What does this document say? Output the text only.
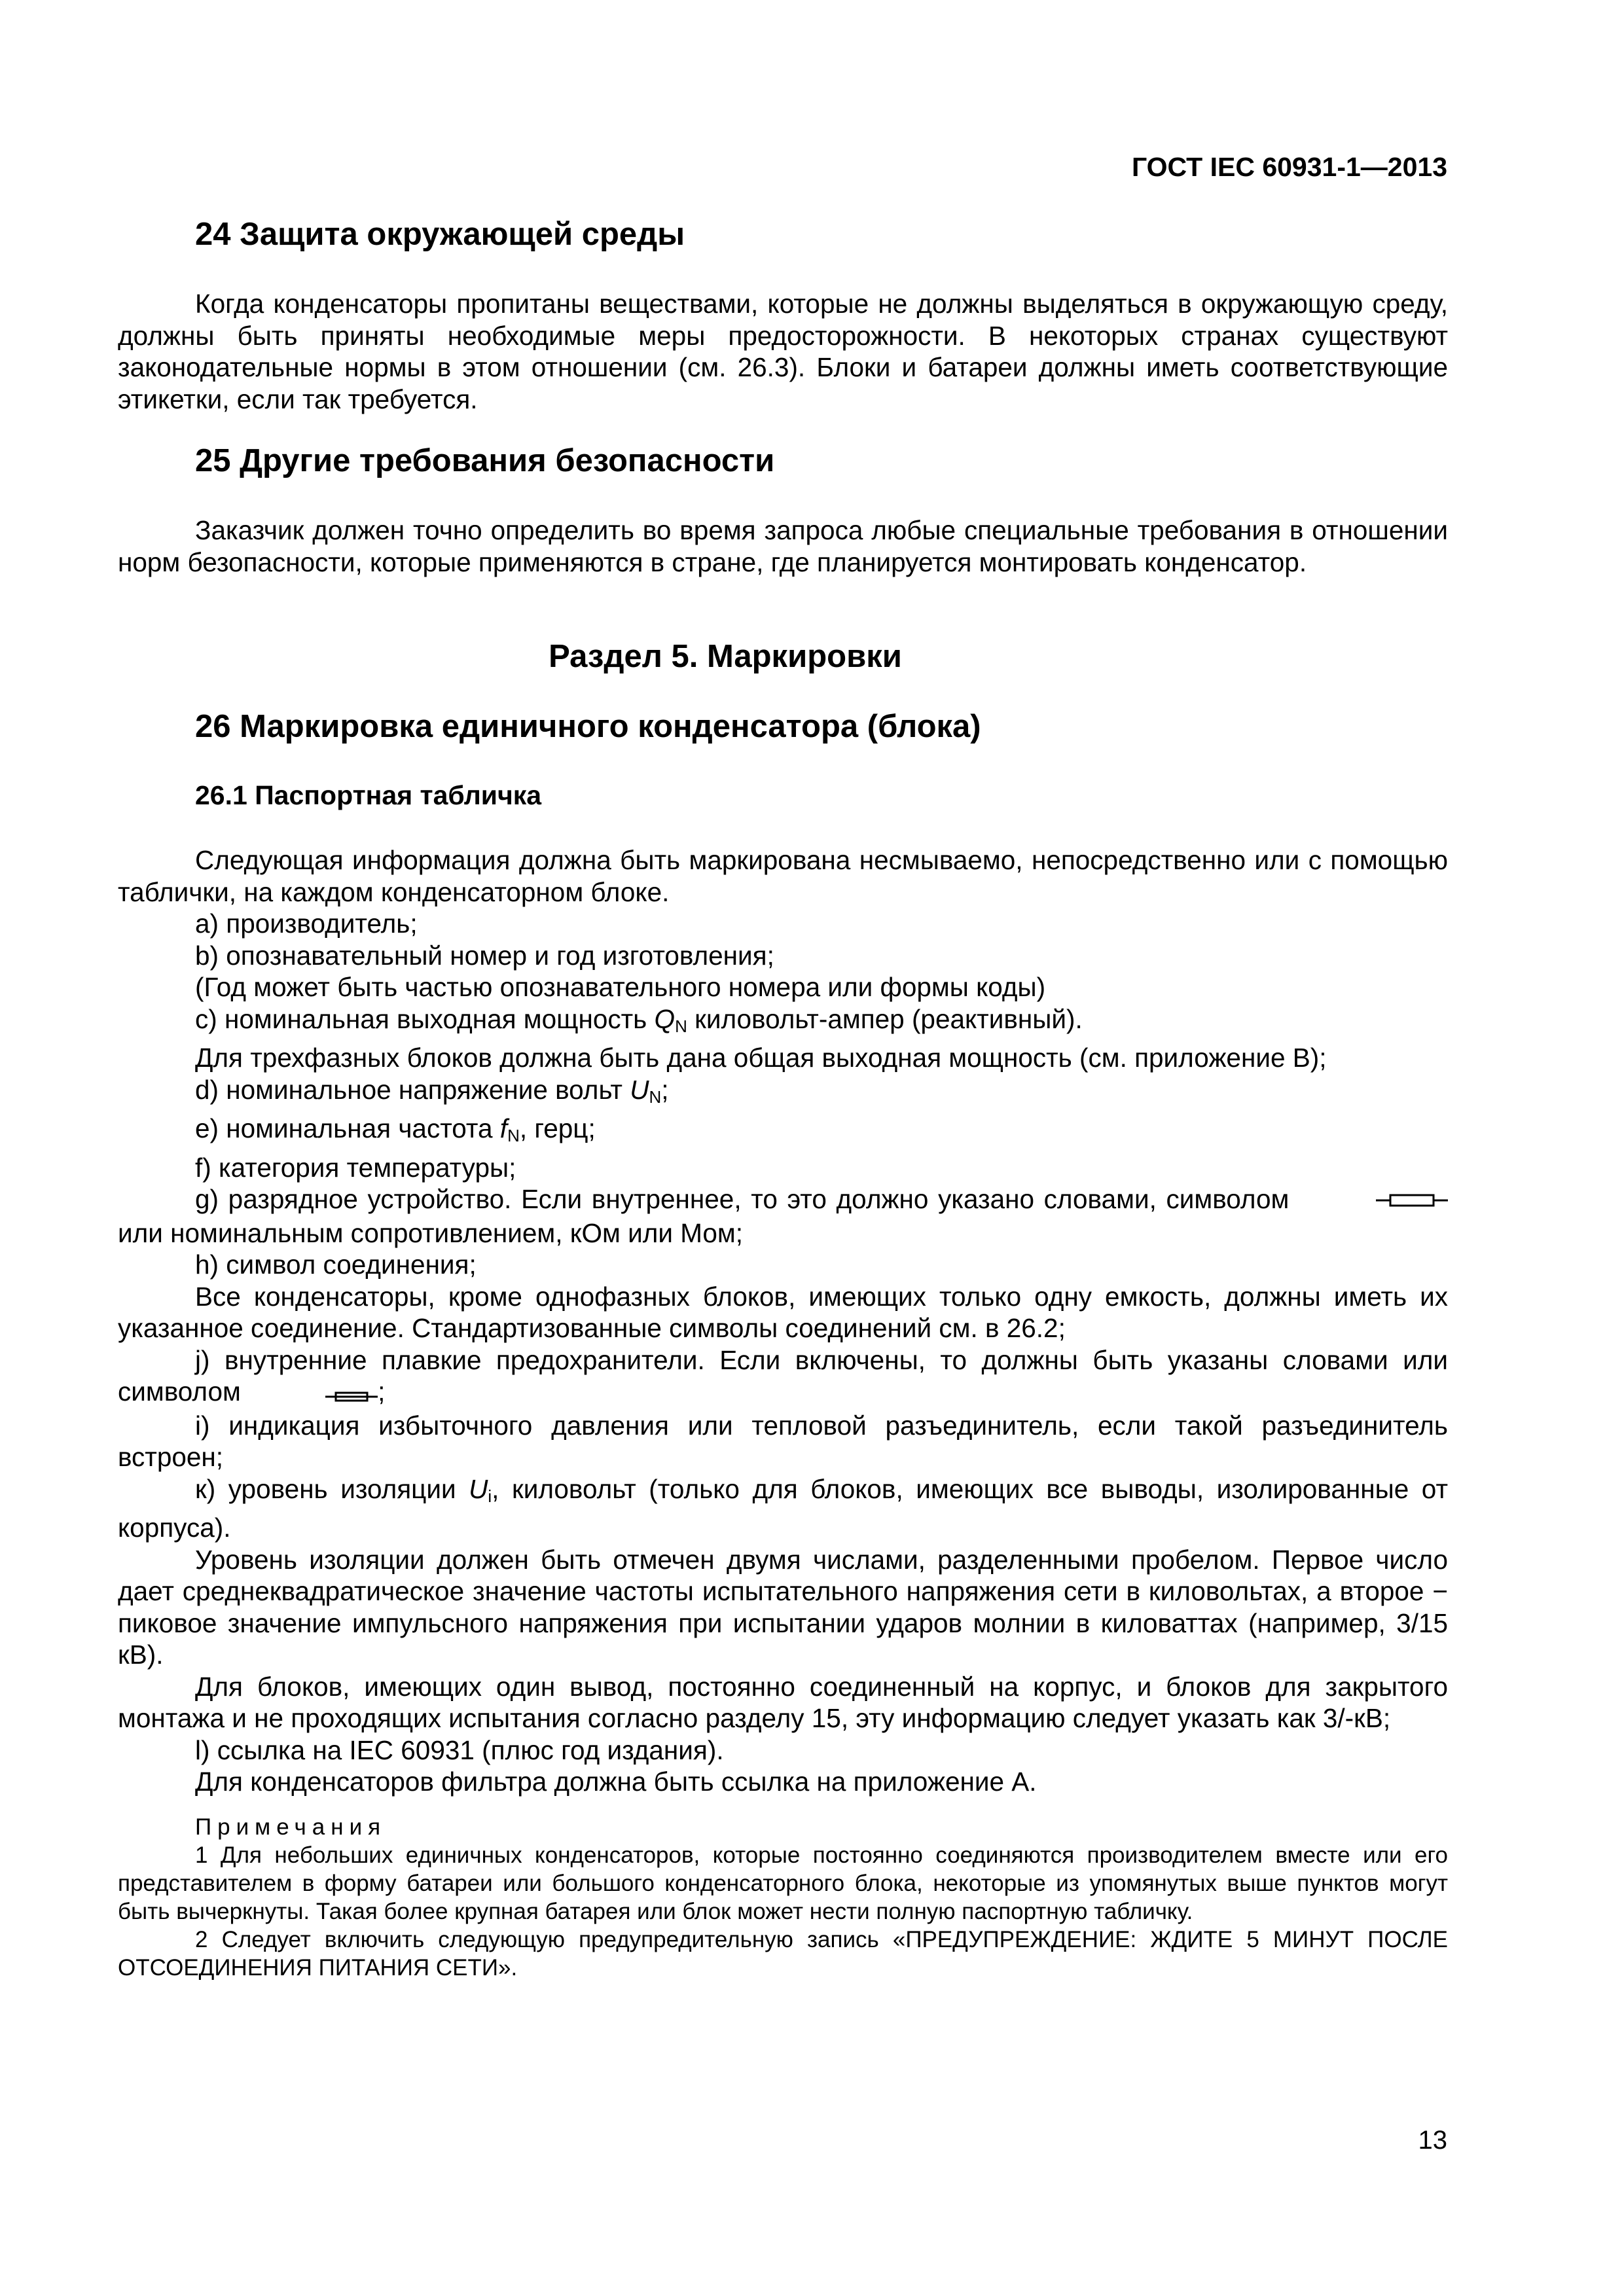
ГОСТ IEC 60931-1—2013
24 Защита окружающей среды

Когда конденсаторы пропитаны веществами, которые не должны выделяться в окружающую среду, должны быть приняты необходимые меры предосторожности. В некоторых странах существуют законодательные нормы в этом отношении (см. 26.3). Блоки и батареи должны иметь соответствующие этикетки, если так требуется.

25 Другие требования безопасности

Заказчик должен точно определить во время запроса любые специальные требования в отношении норм безопасности, которые применяются в стране, где планируется монтировать конденсатор.

Раздел 5. Маркировки
26 Маркировка единичного конденсатора (блока)
26.1 Паспортная табличка

Следующая информация должна быть маркирована несмываемо, непосредственно или с помощью таблички, на каждом конденсаторном блоке.

a) производитель;

b) опознавательный номер и год изготовления;

(Год может быть частью опознавательного номера или формы коды)

c) номинальная выходная мощность $Q_N$ киловольт-ампер (реактивный).

Для трехфазных блоков должна быть дана общая выходная мощность (см. приложение В);

d) номинальное напряжение вольт $U_N$;

e) номинальная частота $f_N$, герц;

f) категория температуры;

g) разрядное устройство. Если внутреннее, то это должно указано словами, символом  или номинальным сопротивлением, кОм или Мом;

h) символ соединения;

Все конденсаторы, кроме однофазных блоков, имеющих только одну емкость, должны иметь их указанное соединение. Стандартизованные символы соединений см. в 26.2;

j) внутренние плавкие предохранители. Если включены, то должны быть указаны словами или символом	;

i) индикация избыточного давления или тепловой разъединитель, если такой разъединитель встроен;

к) уровень изоляции $U_i$, киловольт (только для блоков, имеющих все выводы, изолированные от корпуса).

Уровень изоляции должен быть отмечен двумя числами, разделенными пробелом. Первое число дает среднеквадратическое значение частоты испытательного напряжения сети в киловольтах, а второе − пиковое значение импульсного напряжения при испытании ударов молнии в киловаттах (например, 3/15 кВ).

Для блоков, имеющих один вывод, постоянно соединенный на корпус, и блоков для закрытого монтажа и не проходящих испытания согласно разделу 15, эту информацию следует указать как 3/-кВ;

l) ссылка на IEC 60931 (плюс год издания).

Для конденсаторов фильтра должна быть ссылка на приложение А.

Примечания

1 Для небольших единичных конденсаторов, которые постоянно соединяются производителем вместе или его представителем в форму батареи или большого конденсаторного блока, некоторые из упомянутых выше пунктов могут быть вычеркнуты. Такая более крупная батарея или блок может нести полную паспортную табличку.

2 Следует включить следующую предупредительную запись «ПРЕДУПРЕЖДЕНИЕ: ЖДИТЕ 5 МИНУТ ПОСЛЕ ОТСОЕДИНЕНИЯ ПИТАНИЯ СЕТИ».

13
